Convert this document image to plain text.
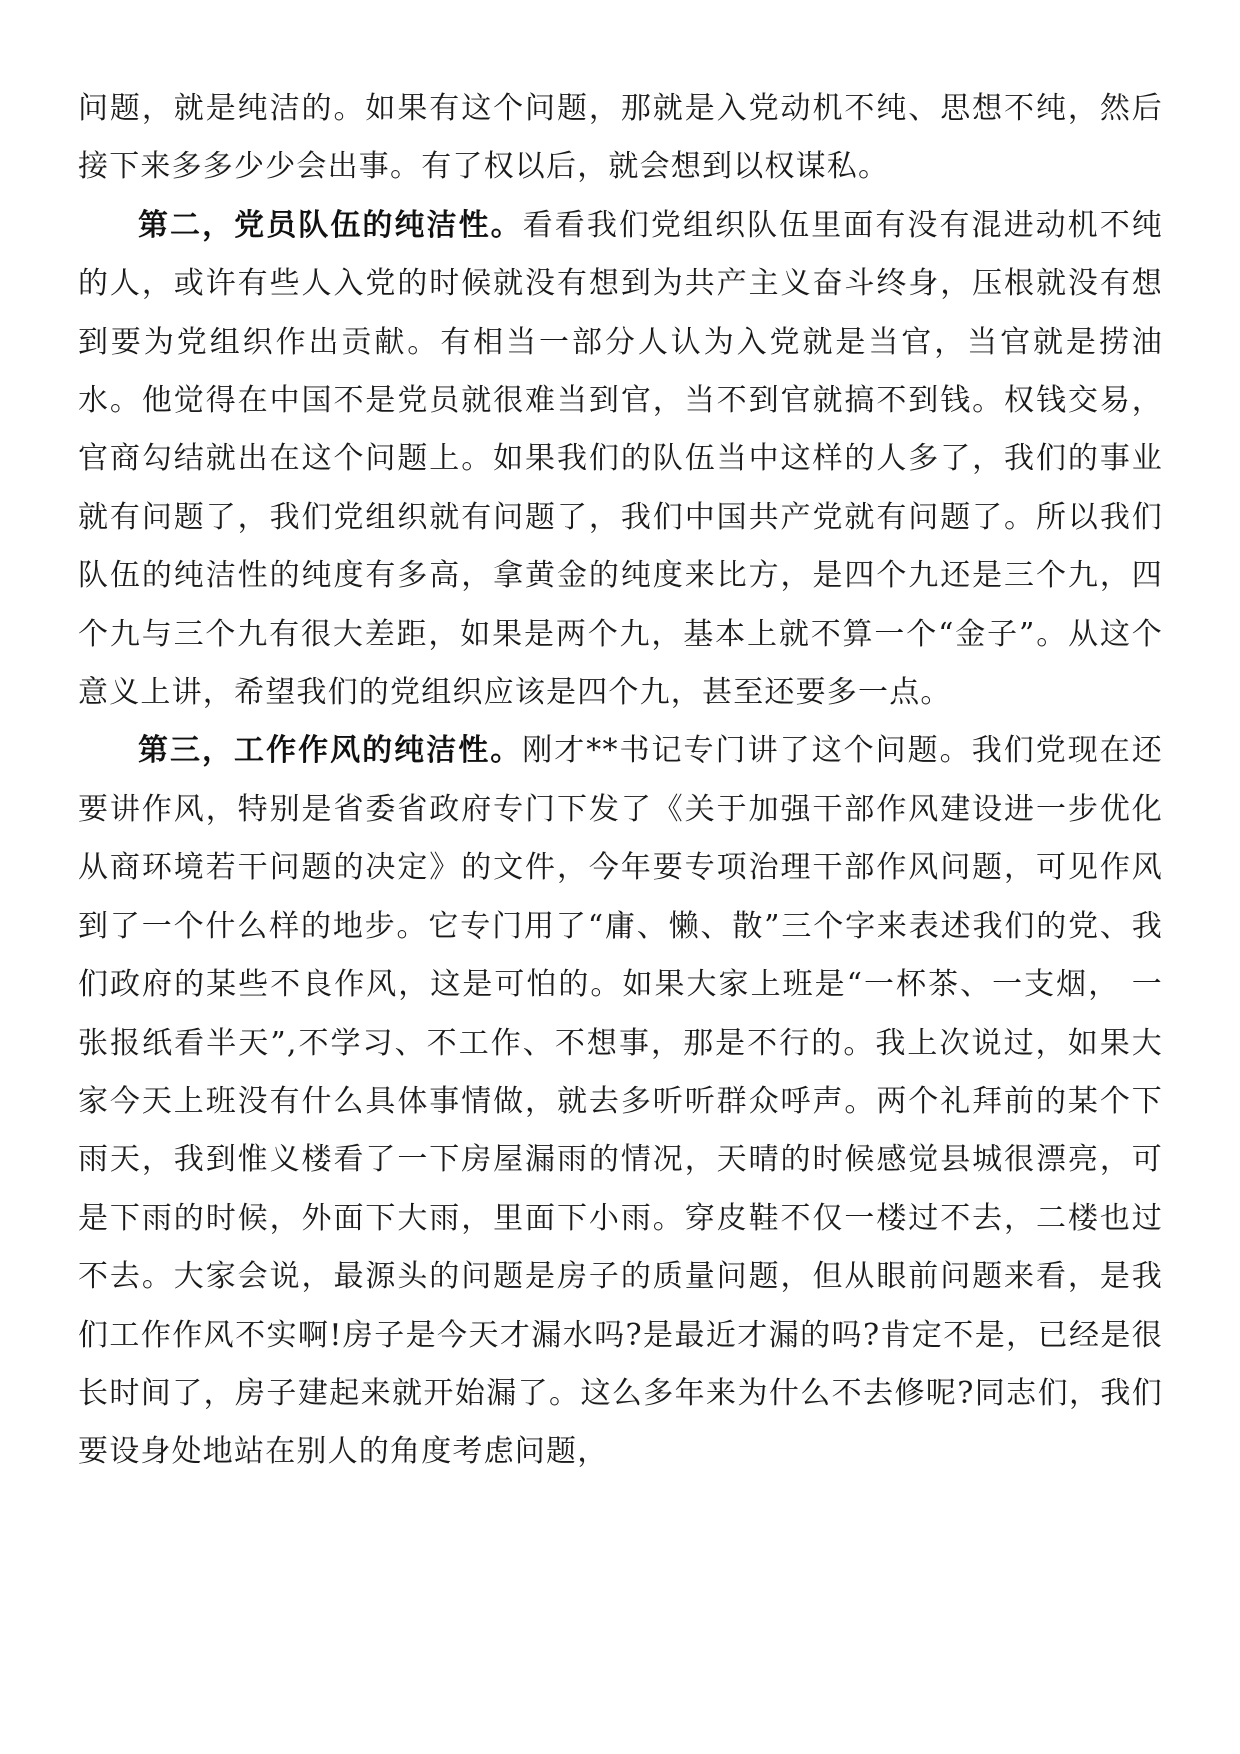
问题，就是纯洁的。如果有这个问题，那就是入党动机不纯、思想不纯，然后接下来多多少少会出事。有了权以后，就会想到以权谋私。

第二，党员队伍的纯洁性。看看我们党组织队伍里面有没有混进动机不纯的人，或许有些人入党的时候就没有想到为共产主义奋斗终身，压根就没有想到要为党组织作出贡献。有相当一部分人认为入党就是当官，当官就是捞油水。他觉得在中国不是党员就很难当到官，当不到官就搞不到钱。权钱交易，官商勾结就出在这个问题上。如果我们的队伍当中这样的人多了，我们的事业就有问题了，我们党组织就有问题了，我们中国共产党就有问题了。所以我们队伍的纯洁性的纯度有多高，拿黄金的纯度来比方，是四个九还是三个九，四个九与三个九有很大差距，如果是两个九，基本上就不算一个“金子”。从这个意义上讲，希望我们的党组织应该是四个九，甚至还要多一点。

第三，工作作风的纯洁性。刚才**书记专门讲了这个问题。我们党现在还要讲作风，特别是省委省政府专门下发了《关于加强干部作风建设进一步优化从商环境若干问题的决定》的文件，今年要专项治理干部作风问题，可见作风到了一个什么样的地步。它专门用了“庸、懒、散”三个字来表述我们的党、我们政府的某些不良作风，这是可怕的。如果大家上班是“一杯茶、一支烟， 一张报纸看半天”,不学习、不工作、不想事，那是不行的。我上次说过，如果大家今天上班没有什么具体事情做，就去多听听群众呼声。两个礼拜前的某个下雨天，我到惟义楼看了一下房屋漏雨的情况，天晴的时候感觉县城很漂亮，可是下雨的时候，外面下大雨，里面下小雨。穿皮鞋不仅一楼过不去，二楼也过不去。大家会说，最源头的问题是房子的质量问题，但从眼前问题来看，是我们工作作风不实啊!房子是今天才漏水吗?是最近才漏的吗?肯定不是，已经是很长时间了，房子建起来就开始漏了。这么多年来为什么不去修呢?同志们，我们要设身处地站在别人的角度考虑问题，
